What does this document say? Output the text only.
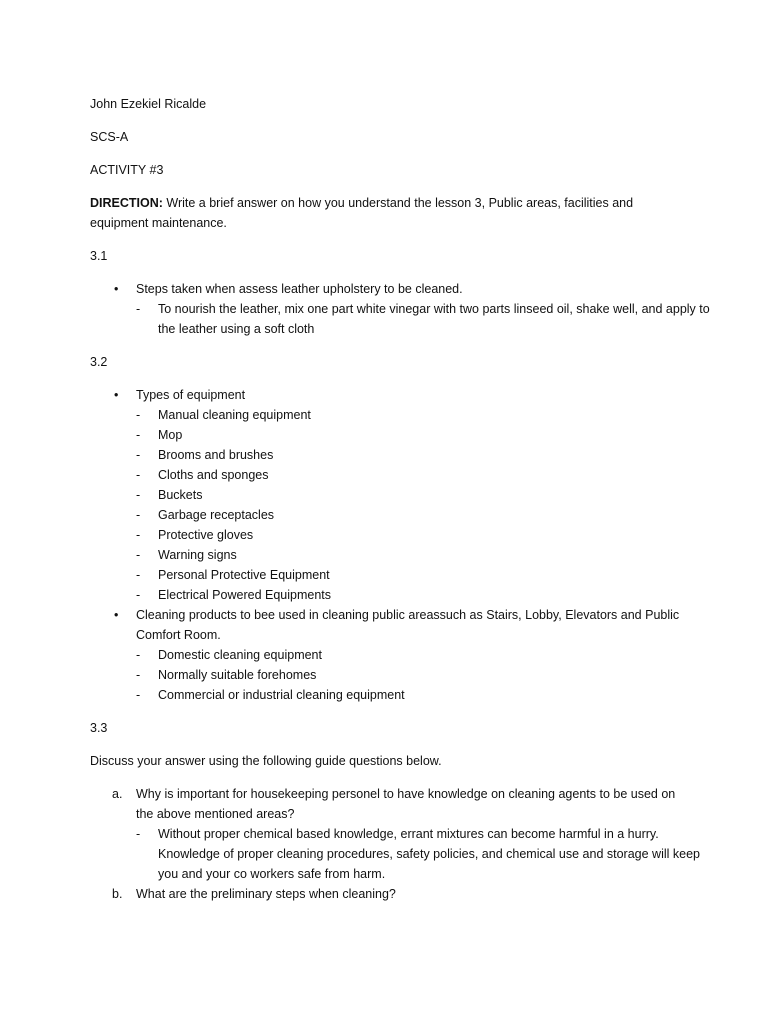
John Ezekiel Ricalde

SCS-A

ACTIVITY #3

DIRECTION: Write a brief answer on how you understand the lesson 3, Public areas, facilities and equipment maintenance.

3.1

• Steps taken when assess leather upholstery to be cleaned.
- To nourish the leather, mix one part white vinegar with two parts linseed oil, shake well, and apply to the leather using a soft cloth

3.2

• Types of equipment
- Manual cleaning equipment
- Mop
- Brooms and brushes
- Cloths and sponges
- Buckets
- Garbage receptacles
- Protective gloves
- Warning signs
- Personal Protective Equipment
- Electrical Powered Equipments
• Cleaning products to bee used in cleaning public areassuch as Stairs, Lobby, Elevators and Public Comfort Room.
- Domestic cleaning equipment
- Normally suitable forehomes
- Commercial or industrial cleaning equipment

3.3

Discuss your answer using the following guide questions below.

a. Why is important for housekeeping personel to have knowledge on cleaning agents to be used on the above mentioned areas?
- Without proper chemical based knowledge, errant mixtures can become harmful in a hurry. Knowledge of proper cleaning procedures, safety policies, and chemical use and storage will keep you and your co workers safe from harm.
b. What are the preliminary steps when cleaning?
